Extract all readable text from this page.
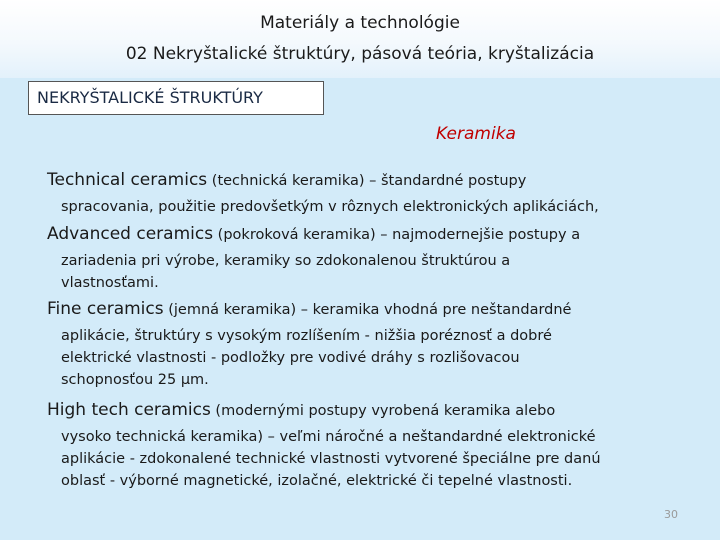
Materiály a technológie
02 Nekryštalické štruktúry, pásová teória, kryštalizácia
NEKRYŠTALICKÉ ŠTRUKTÚRY
Keramika
Technical ceramics (technická keramika) – štandardné postupy
spracovania, použitie predovšetkým v rôznych elektronických aplikáciách,
Advanced ceramics (pokroková keramika) – najmodernejšie postupy a
zariadenia pri výrobe, keramiky so zdokonalenou štruktúrou a
vlastnosťami.
Fine ceramics (jemná keramika) – keramika vhodná pre neštandardné
aplikácie, štruktúry s vysokým rozlíšením - nižšia poréznosť a dobré
elektrické vlastnosti - podložky pre vodivé dráhy s rozlišovacou
schopnosťou 25 µm.
High tech ceramics (modernými postupy vyrobená keramika alebo
vysoko technická keramika) – veľmi náročné a neštandardné elektronické
aplikácie - zdokonalené technické vlastnosti vytvorené špeciálne pre danú
oblasť - výborné magnetické, izolačné, elektrické či tepelné vlastnosti.
30
